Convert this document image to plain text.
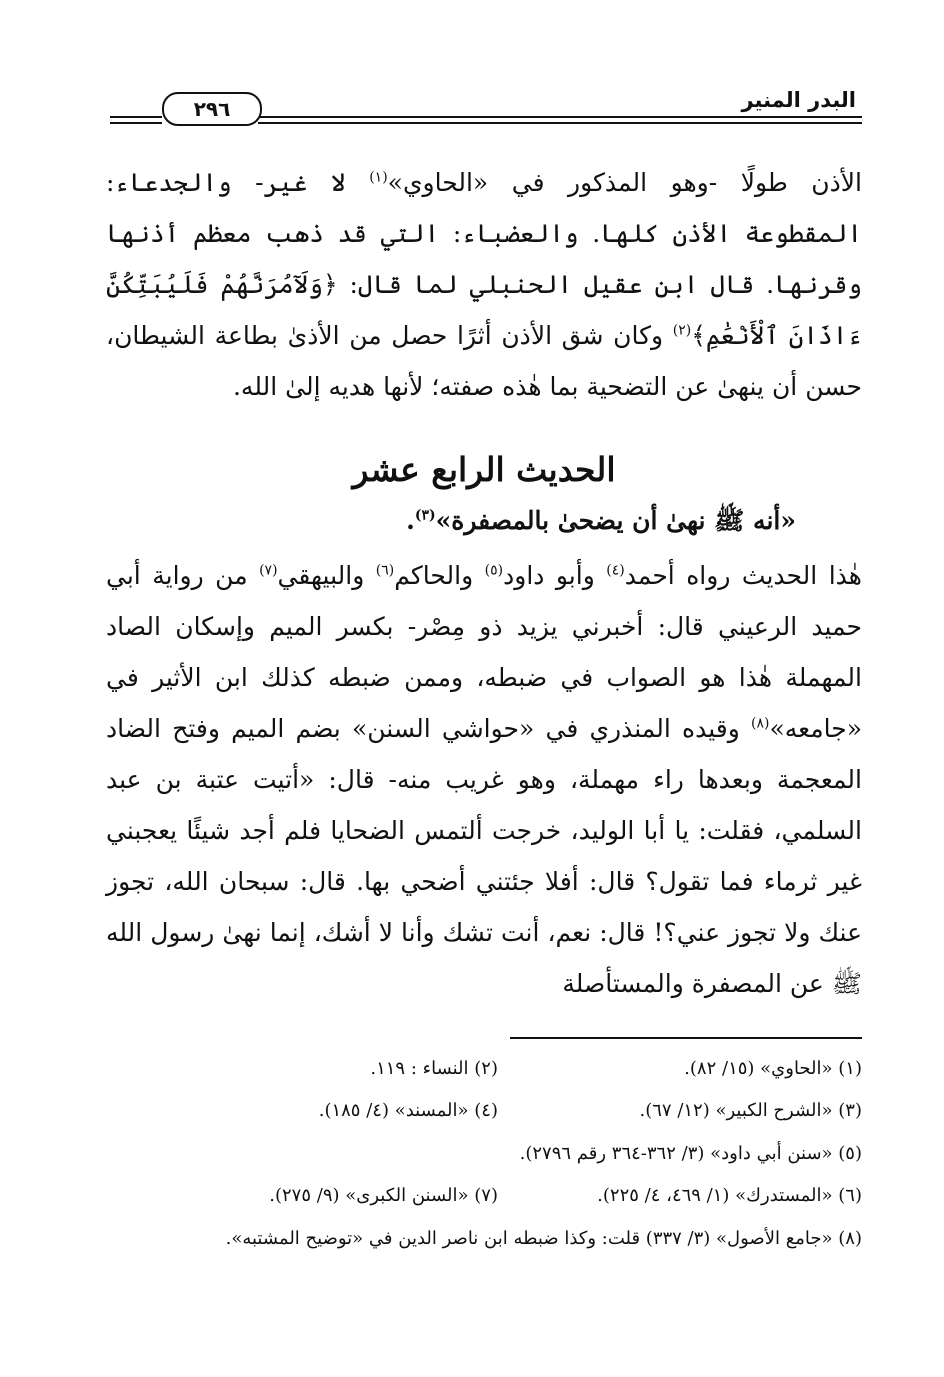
٢٩٦	البدر المنير

الأذن طولًا -وهو المذكور في «الحاوي»$^{(١)}$ لا غير- والجدعاء: المقطوعة الأذن كلها. والعضباء: التي قد ذهب معظم أذنها وقرنها. قال ابن عقيل الحنبلي لما قال: ﴿وَلَآمُرَنَّهُمْ فَلَيُبَتِّكُنَّ ءَاذَانَ ٱلْأَنْعَٰمِ﴾$^{(٢)}$ وكان شق الأذن أثرًا حصل من الأذىٰ بطاعة الشيطان، حسن أن ينهىٰ عن التضحية بما هٰذه صفته؛ لأنها هديه إلىٰ الله.

الحديث الرابع عشر
«أنه ﷺ نهىٰ أن يضحىٰ بالمصفرة»$^{(٣)}$.

هٰذا الحديث رواه أحمد$^{(٤)}$ وأبو داود$^{(٥)}$ والحاكم$^{(٦)}$ والبيهقي$^{(٧)}$ من رواية أبي حميد الرعيني قال: أخبرني يزيد ذو مِصْر- بكسر الميم وإسكان الصاد المهملة هٰذا هو الصواب في ضبطه، وممن ضبطه كذلك ابن الأثير في «جامعه»$^{(٨)}$ وقيده المنذري في «حواشي السنن» بضم الميم وفتح الضاد المعجمة وبعدها راء مهملة، وهو غريب منه- قال: «أتيت عتبة بن عبد السلمي، فقلت: يا أبا الوليد، خرجت ألتمس الضحايا فلم أجد شيئًا يعجبني غير ثرماء فما تقول؟ قال: أفلا جئتني أضحي بها. قال: سبحان الله، تجوز عنك ولا تجوز عني؟! قال: نعم، أنت تشك وأنا لا أشك، إنما نهىٰ رسول الله ﷺ عن المصفرة والمستأصلة

(١) «الحاوي» (١٥/ ٨٢).
(٢) النساء : ١١٩.
(٣) «الشرح الكبير» (١٢/ ٦٧).
(٤) «المسند» (٤/ ١٨٥).
(٥) «سنن أبي داود» (٣/ ٣٦٢-٣٦٤ رقم ٢٧٩٦).
(٦) «المستدرك» (١/ ٤٦٩، ٤/ ٢٢٥).
(٧) «السنن الكبرى» (٩/ ٢٧٥).
(٨) «جامع الأصول» (٣/ ٣٣٧) قلت: وكذا ضبطه ابن ناصر الدين في «توضيح المشتبه».
